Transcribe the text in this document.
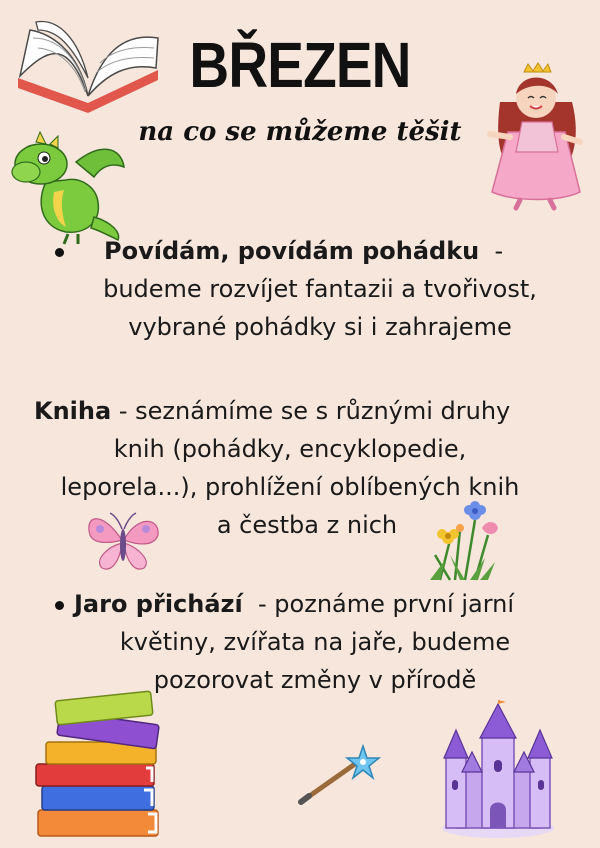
BŘEZEN
na co se můžeme těšit
Povídám, povídám pohádku -
budeme rozvíjet fantazii a tvořivost,
vybrané pohádky si i zahrajeme
Kniha - seznámíme se s různými druhy
knih (pohádky, encyklopedie,
leporela...), prohlížení oblíbených knih
a čestba z nich
Jaro přichází - poznáme první jarní
květiny, zvířata na jaře, budeme
pozorovat změny v přírodě
